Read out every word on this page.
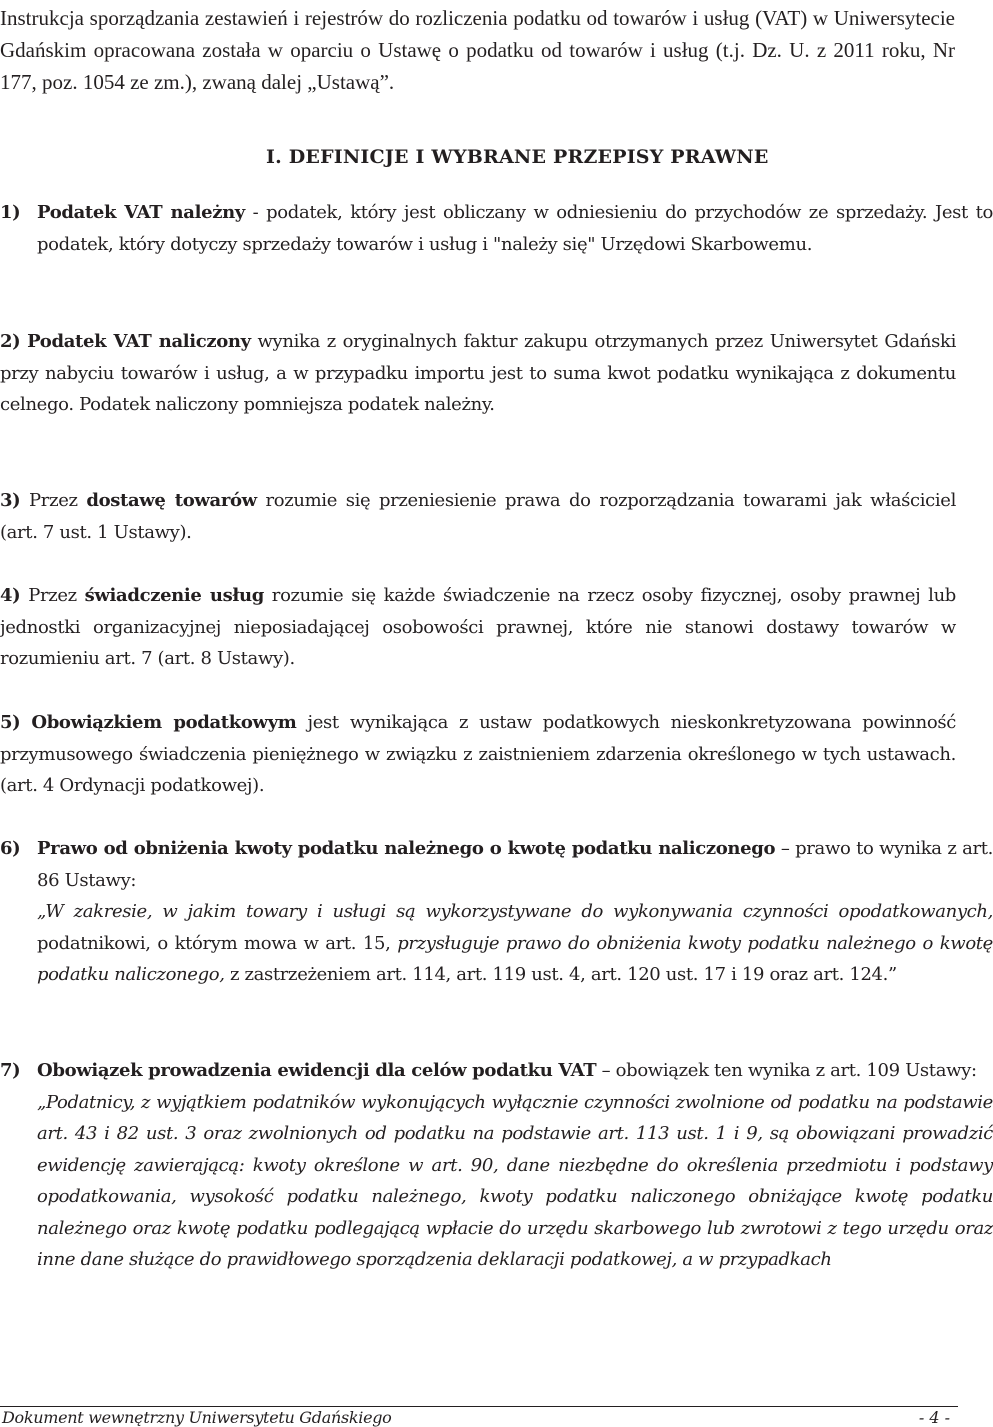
Instrukcja sporządzania zestawień i rejestrów do rozliczenia podatku od towarów i usług (VAT) w Uniwersytecie Gdańskim opracowana została w oparciu o Ustawę o podatku od towarów i usług (t.j. Dz. U. z 2011 roku, Nr 177, poz. 1054 ze zm.), zwaną dalej „Ustawą”.
I. DEFINICJE I WYBRANE PRZEPISY PRAWNE
1) Podatek VAT należny - podatek, który jest obliczany w odniesieniu do przychodów ze sprzedaży. Jest to podatek, który dotyczy sprzedaży towarów i usług i "należy się" Urzędowi Skarbowemu.
2) Podatek VAT naliczony wynika z oryginalnych faktur zakupu otrzymanych przez Uniwersytet Gdański przy nabyciu towarów i usług, a w przypadku importu jest to suma kwot podatku wynikająca z dokumentu celnego. Podatek naliczony pomniejsza podatek należny.
3) Przez dostawę towarów rozumie się przeniesienie prawa do rozporządzania towarami jak właściciel (art. 7 ust. 1 Ustawy).
4) Przez świadczenie usług rozumie się każde świadczenie na rzecz osoby fizycznej, osoby prawnej lub jednostki organizacyjnej nieposiadającej osobowości prawnej, które nie stanowi dostawy towarów w rozumieniu art. 7 (art. 8 Ustawy).
5) Obowiązkiem podatkowym jest wynikająca z ustaw podatkowych nieskonkretyzowana powinność przymusowego świadczenia pieniężnego w związku z zaistnieniem zdarzenia określonego w tych ustawach. (art. 4 Ordynacji podatkowej).
6) Prawo od obniżenia kwoty podatku należnego o kwotę podatku naliczonego – prawo to wynika z art. 86 Ustawy:
„W zakresie, w jakim towary i usługi są wykorzystywane do wykonywania czynności opodatkowanych, podatnikowi, o którym mowa w art. 15, przysługuje prawo do obniżenia kwoty podatku należnego o kwotę podatku naliczonego, z zastrzeżeniem art. 114, art. 119 ust. 4, art. 120 ust. 17 i 19 oraz art. 124.”
7) Obowiązek prowadzenia ewidencji dla celów podatku VAT – obowiązek ten wynika z art. 109 Ustawy:
„Podatnicy, z wyjątkiem podatników wykonujących wyłącznie czynności zwolnione od podatku na podstawie art. 43 i 82 ust. 3 oraz zwolnionych od podatku na podstawie art. 113 ust. 1 i 9, są obowiązani prowadzić ewidencję zawierającą: kwoty określone w art. 90, dane niezbędne do określenia przedmiotu i podstawy opodatkowania, wysokość podatku należnego, kwoty podatku naliczonego obniżające kwotę podatku należnego oraz kwotę podatku podlegającą wpłacie do urzędu skarbowego lub zwrotowi z tego urzędu oraz inne dane służące do prawidłowego sporządzenia deklaracji podatkowej, a w przypadkach
Dokument wewnętrzny Uniwersytetu Gdańskiego	- 4 -
